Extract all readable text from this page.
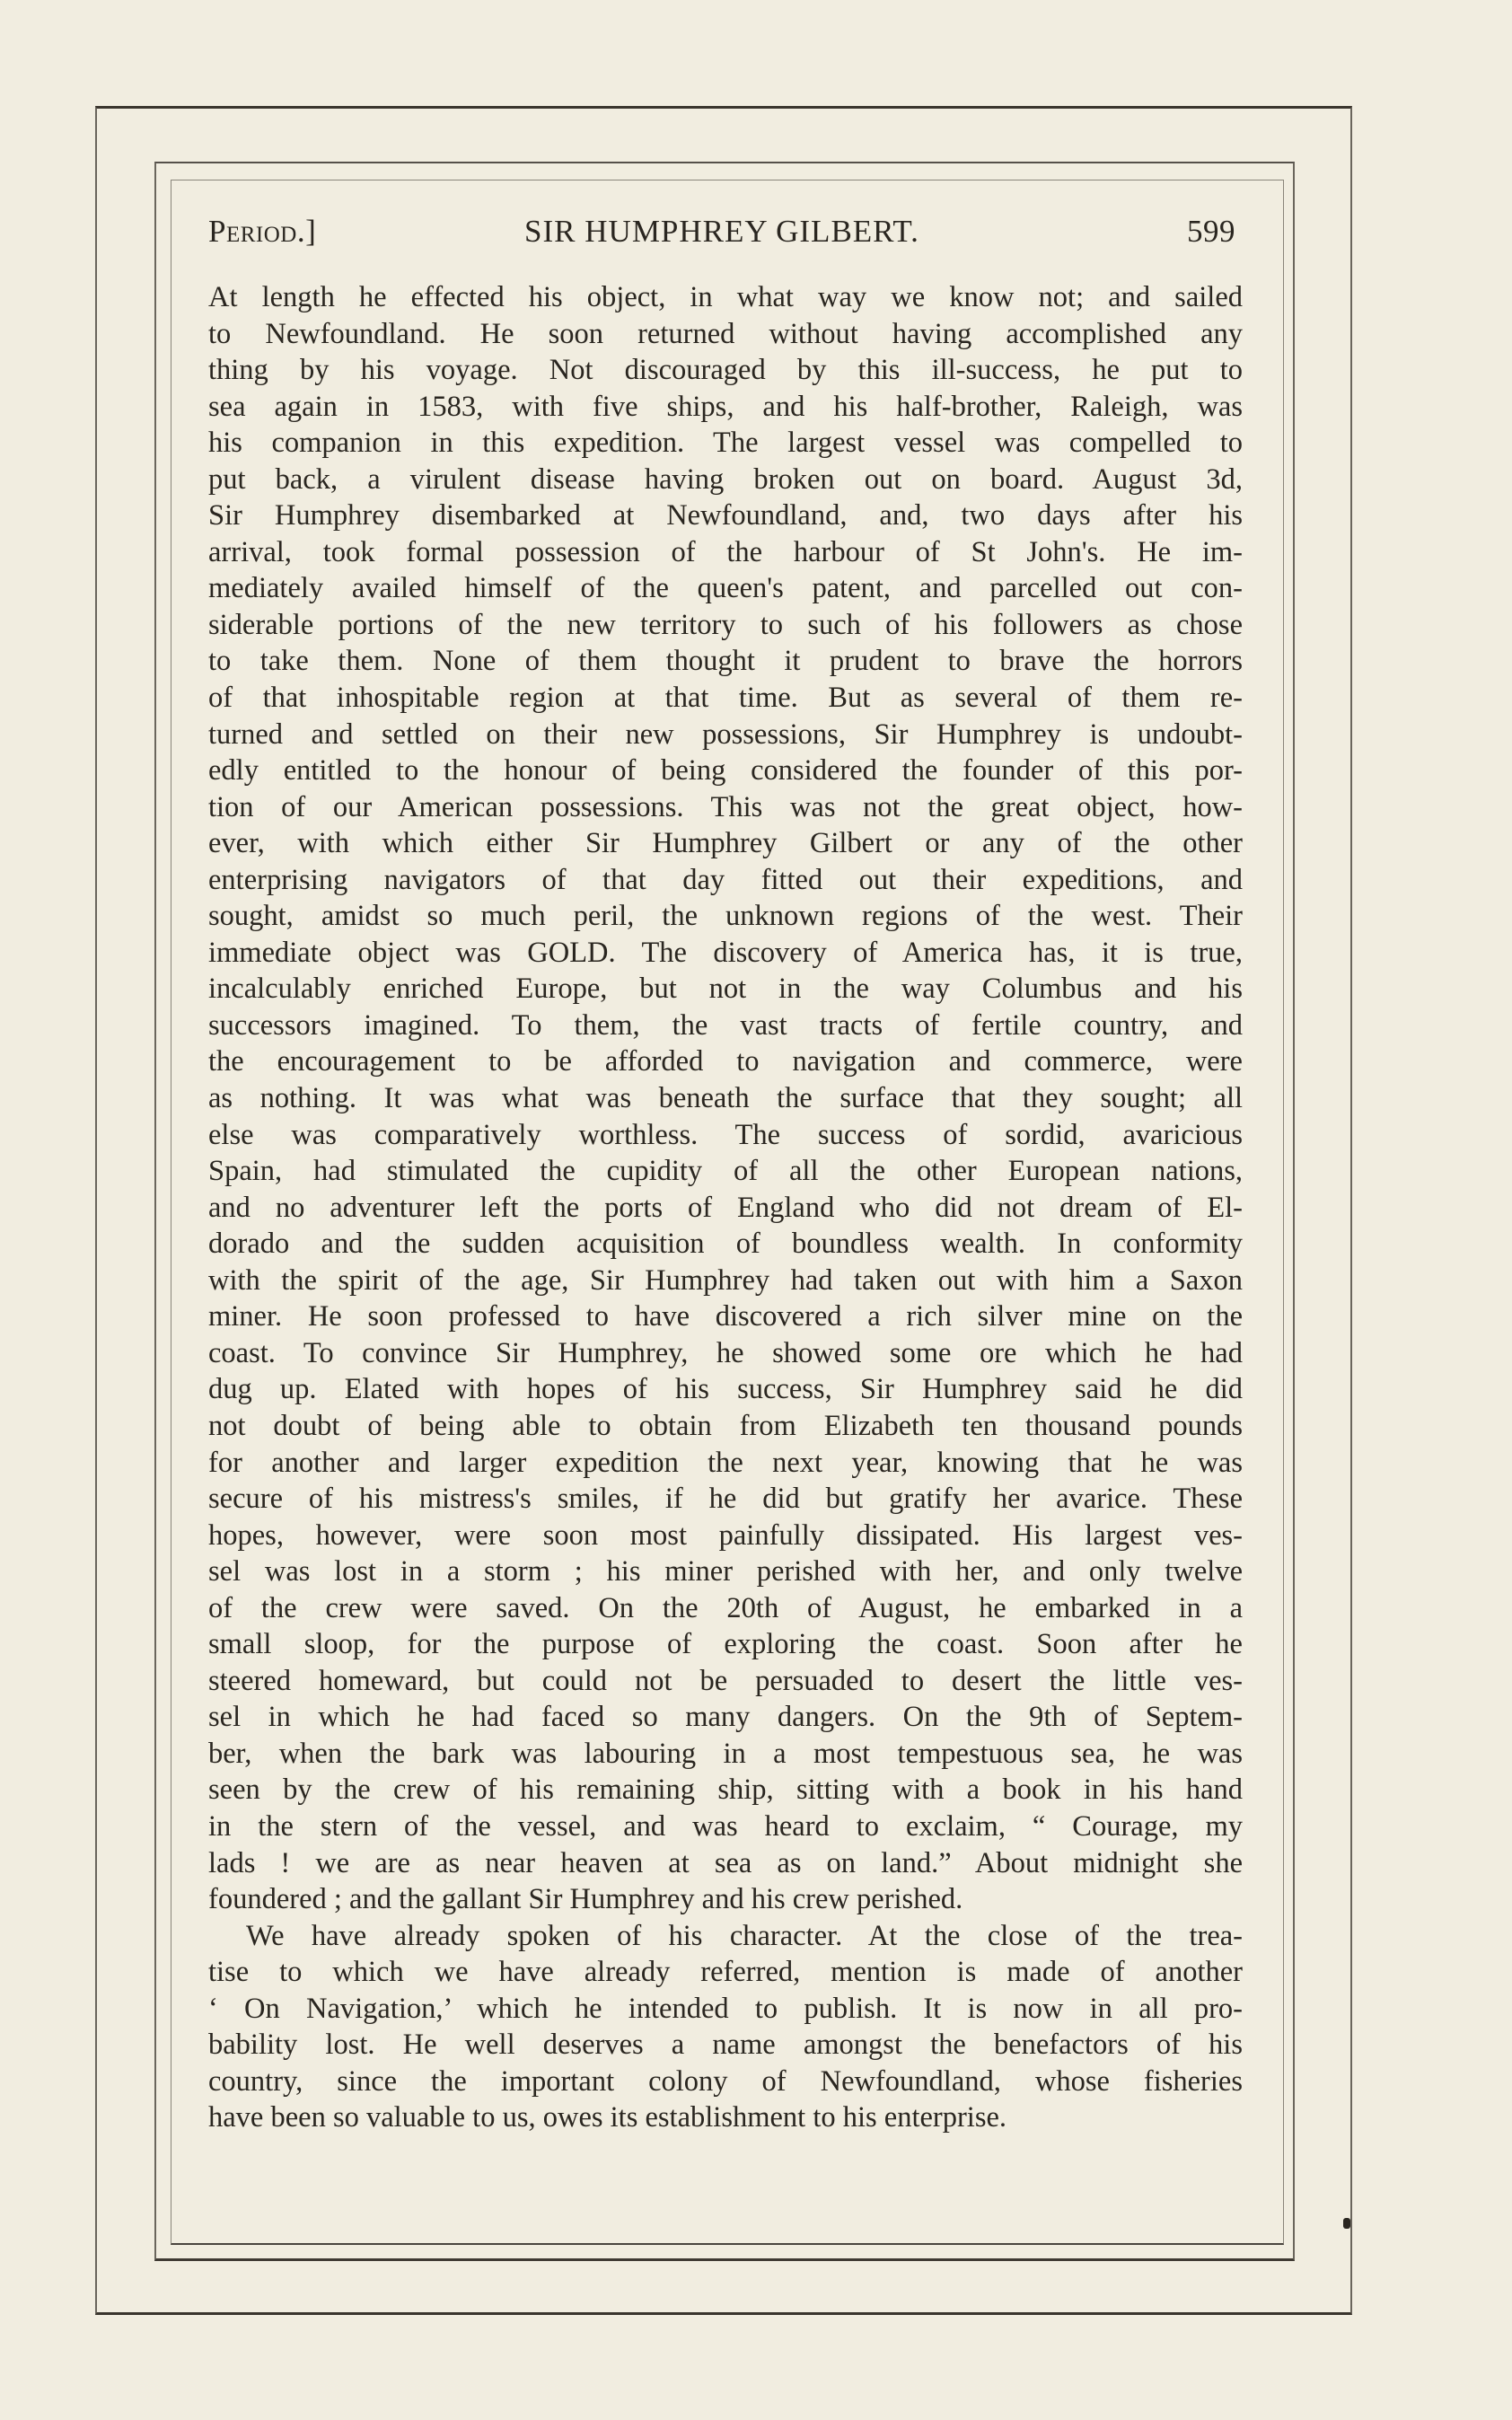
Period.]	SIR HUMPHREY GILBERT.	599
At length he effected his object, in what way we know not; and sailed
to Newfoundland. He soon returned without having accomplished any
thing by his voyage. Not discouraged by this ill-success, he put to
sea again in 1583, with five ships, and his half-brother, Raleigh, was
his companion in this expedition. The largest vessel was compelled to
put back, a virulent disease having broken out on board. August 3d,
Sir Humphrey disembarked at Newfoundland, and, two days after his
arrival, took formal possession of the harbour of St John's. He im-
mediately availed himself of the queen's patent, and parcelled out con-
siderable portions of the new territory to such of his followers as chose
to take them. None of them thought it prudent to brave the horrors
of that inhospitable region at that time. But as several of them re-
turned and settled on their new possessions, Sir Humphrey is undoubt-
edly entitled to the honour of being considered the founder of this por-
tion of our American possessions. This was not the great object, how-
ever, with which either Sir Humphrey Gilbert or any of the other
enterprising navigators of that day fitted out their expeditions, and
sought, amidst so much peril, the unknown regions of the west. Their
immediate object was GOLD. The discovery of America has, it is true,
incalculably enriched Europe, but not in the way Columbus and his
successors imagined. To them, the vast tracts of fertile country, and
the encouragement to be afforded to navigation and commerce, were
as nothing. It was what was beneath the surface that they sought; all
else was comparatively worthless. The success of sordid, avaricious
Spain, had stimulated the cupidity of all the other European nations,
and no adventurer left the ports of England who did not dream of El-
dorado and the sudden acquisition of boundless wealth. In conformity
with the spirit of the age, Sir Humphrey had taken out with him a Saxon
miner. He soon professed to have discovered a rich silver mine on the
coast. To convince Sir Humphrey, he showed some ore which he had
dug up. Elated with hopes of his success, Sir Humphrey said he did
not doubt of being able to obtain from Elizabeth ten thousand pounds
for another and larger expedition the next year, knowing that he was
secure of his mistress's smiles, if he did but gratify her avarice. These
hopes, however, were soon most painfully dissipated. His largest ves-
sel was lost in a storm ; his miner perished with her, and only twelve
of the crew were saved. On the 20th of August, he embarked in a
small sloop, for the purpose of exploring the coast. Soon after he
steered homeward, but could not be persuaded to desert the little ves-
sel in which he had faced so many dangers. On the 9th of Septem-
ber, when the bark was labouring in a most tempestuous sea, he was
seen by the crew of his remaining ship, sitting with a book in his hand
in the stern of the vessel, and was heard to exclaim, “ Courage, my
lads ! we are as near heaven at sea as on land.” About midnight she
foundered ; and the gallant Sir Humphrey and his crew perished.
We have already spoken of his character. At the close of the trea-
tise to which we have already referred, mention is made of another
‘ On Navigation,’ which he intended to publish. It is now in all pro-
bability lost. He well deserves a name amongst the benefactors of his
country, since the important colony of Newfoundland, whose fisheries
have been so valuable to us, owes its establishment to his enterprise.
